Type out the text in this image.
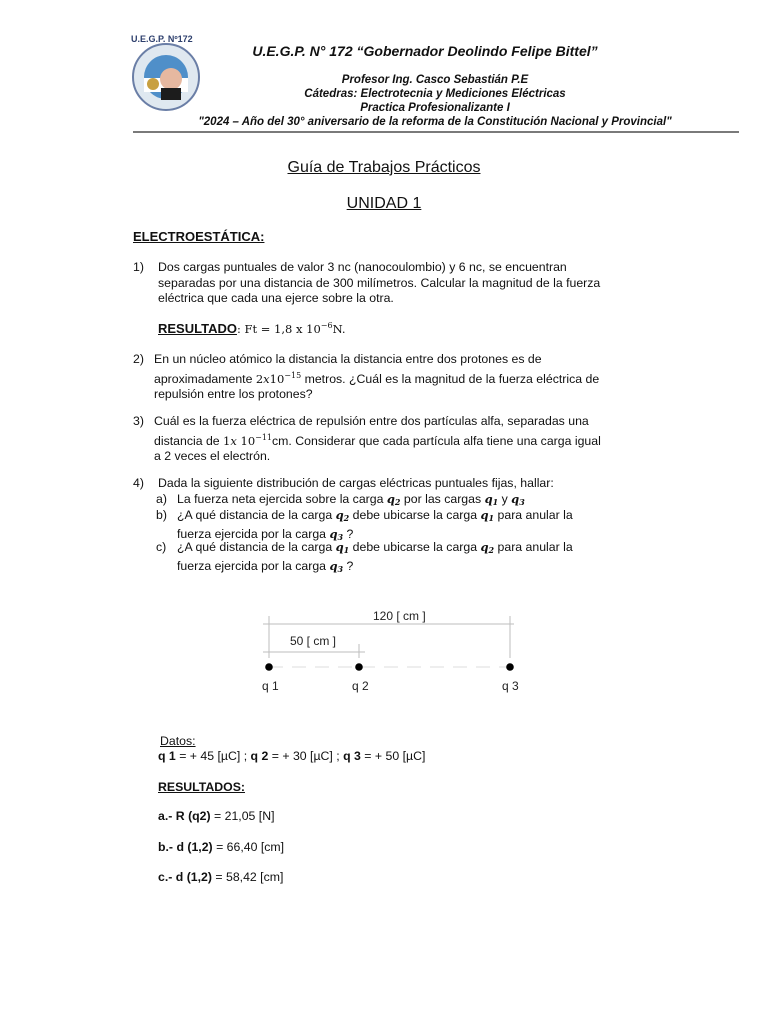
U.E.G.P. Nº172
U.E.G.P. N° 172 “Gobernador Deolindo Felipe Bittel”
Profesor Ing. Casco Sebastián P.E
Cátedras: Electrotecnia y Mediciones Eléctricas
Practica Profesionalizante I
"2024 – Año del 30° aniversario de la reforma de la Constitución Nacional y Provincial"
Guía de Trabajos Prácticos
UNIDAD 1
ELECTROESTÁTICA:
1) Dos cargas puntuales de valor 3 nc (nanocoulombio) y 6 nc, se encuentran
separadas por una distancia de 300 milímetros. Calcular la magnitud de la fuerza
eléctrica que cada una ejerce sobre la otra.
RESULTADO: Ft = 1,8 x $10^{-6}N$.
2) En un núcleo atómico la distancia la distancia entre dos protones es de
aproximadamente $2𝑥10^{-15}$ metros. ¿Cuál es la magnitud de la fuerza eléctrica de
repulsión entre los protones?
3) Cuál es la fuerza eléctrica de repulsión entre dos partículas alfa, separadas una
distancia de 1𝑥 $10^{-11}cm$. Considerar que cada partícula alfa tiene una carga igual
a 2 veces el electrón.
4) Dada la siguiente distribución de cargas eléctricas puntuales fijas, hallar:
a) La fuerza neta ejercida sobre la carga $q_2$ por las cargas $q_1$ y $q_3$
b) ¿A qué distancia de la carga $q_2$ debe ubicarse la carga $q_1$ para anular la
fuerza ejercida por la carga $q_3$ ?
c) ¿A qué distancia de la carga $q_1$ debe ubicarse la carga $q_2$ para anular la
fuerza ejercida por la carga $q_3$ ?
120 [ cm ]
50 [ cm ]
q 1	q 2	q 3
Datos:
q 1 = + 45 [µC] ; q 2 = + 30 [µC] ; q 3 = + 50 [µC]
RESULTADOS:
a.- R (q2) = 21,05 [N]
b.- d (1,2) = 66,40 [cm]
c.- d (1,2) = 58,42 [cm]
